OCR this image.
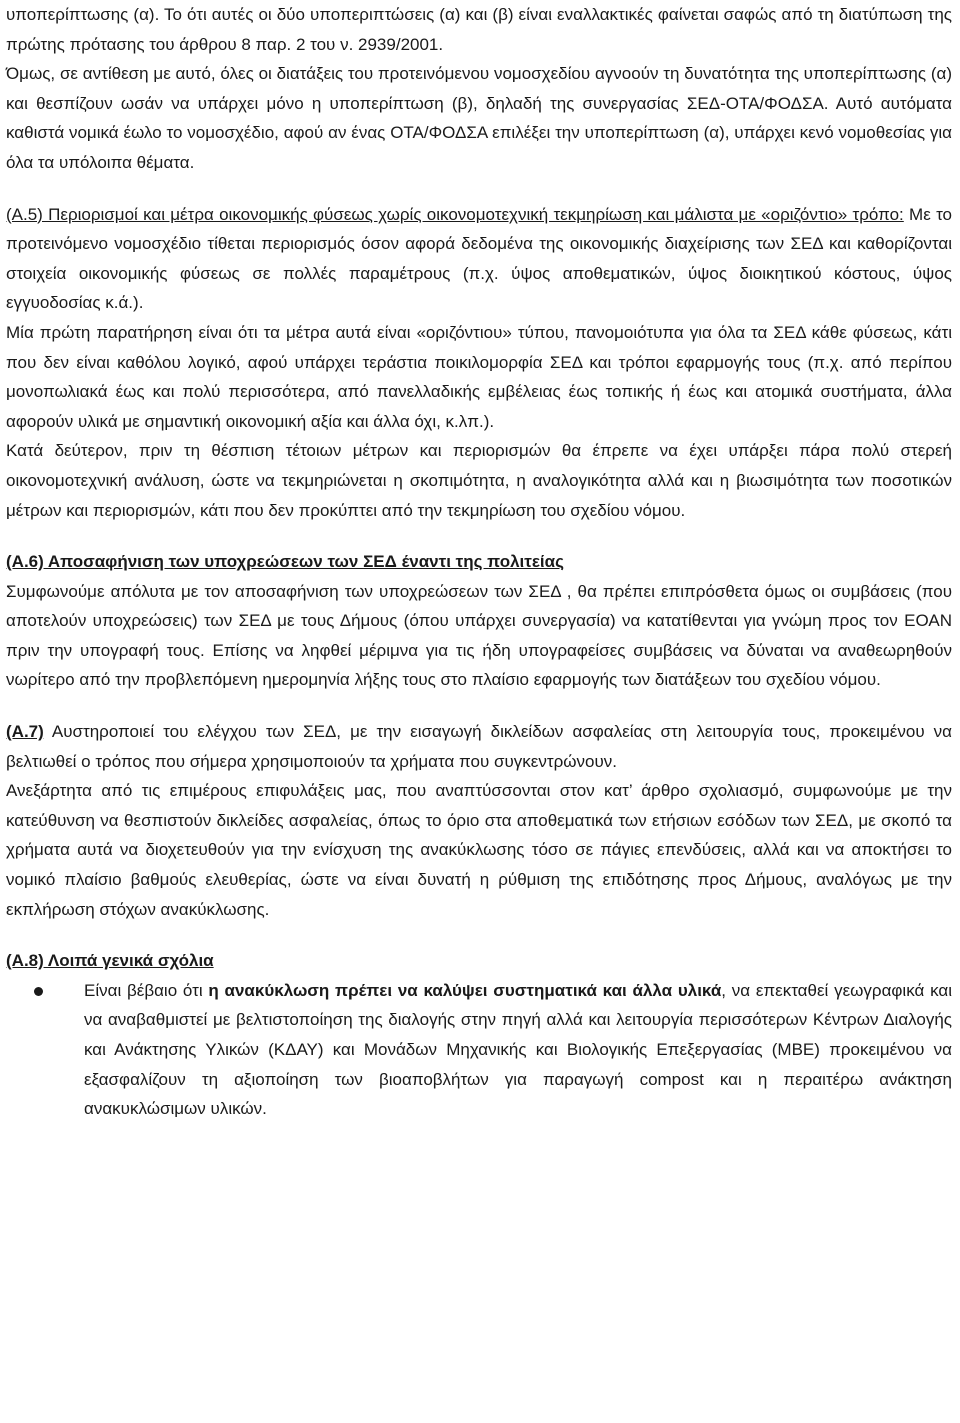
υποπερίπτωσης (α). Το ότι αυτές οι δύο υποπεριπτώσεις (α) και (β) είναι εναλλακτικές φαίνεται σαφώς από τη διατύπωση της πρώτης πρότασης του άρθρου 8 παρ. 2 του ν. 2939/2001.

Όμως, σε αντίθεση με αυτό, όλες οι διατάξεις του προτεινόμενου νομοσχεδίου αγνοούν τη δυνατότητα της υποπερίπτωσης (α) και θεσπίζουν ωσάν να υπάρχει μόνο η υποπερίπτωση (β), δηλαδή της συνεργασίας ΣΕΔ-ΟΤΑ/ΦΟΔΣΑ. Αυτό αυτόματα καθιστά νομικά έωλο το νομοσχέδιο, αφού αν ένας ΟΤΑ/ΦΟΔΣΑ επιλέξει την υποπερίπτωση (α), υπάρχει κενό νομοθεσίας για όλα τα υπόλοιπα θέματα.

(Α.5) Περιορισμοί και μέτρα οικονομικής φύσεως χωρίς οικονομοτεχνική τεκμηρίωση και μάλιστα με «οριζόντιο» τρόπο: Με το προτεινόμενο νομοσχέδιο τίθεται περιορισμός όσον αφορά δεδομένα της οικονομικής διαχείρισης των ΣΕΔ και καθορίζονται στοιχεία οικονομικής φύσεως σε πολλές παραμέτρους (π.χ. ύψος αποθεματικών, ύψος διοικητικού κόστους, ύψος εγγυοδοσίας κ.ά.).

Μία πρώτη παρατήρηση είναι ότι τα μέτρα αυτά είναι «οριζόντιου» τύπου, πανομοιότυπα για όλα τα ΣΕΔ κάθε φύσεως, κάτι που δεν είναι καθόλου λογικό, αφού υπάρχει τεράστια ποικιλομορφία ΣΕΔ και τρόποι εφαρμογής τους (π.χ. από περίπου μονοπωλιακά έως και πολύ περισσότερα, από πανελλαδικής εμβέλειας έως τοπικής ή έως και ατομικά συστήματα, άλλα αφορούν υλικά με σημαντική οικονομική αξία και άλλα όχι, κ.λπ.).

Κατά δεύτερον, πριν τη θέσπιση τέτοιων μέτρων και περιορισμών θα έπρεπε να έχει υπάρξει πάρα πολύ στερεή οικονομοτεχνική ανάλυση, ώστε να τεκμηριώνεται η σκοπιμότητα, η αναλογικότητα αλλά και η βιωσιμότητα των ποσοτικών μέτρων και περιορισμών, κάτι που δεν προκύπτει από την τεκμηρίωση του σχεδίου νόμου.

(Α.6) Αποσαφήνιση των υποχρεώσεων των ΣΕΔ έναντι της πολιτείας

Συμφωνούμε απόλυτα με τον αποσαφήνιση των υποχρεώσεων των ΣΕΔ , θα πρέπει επιπρόσθετα όμως οι συμβάσεις (που αποτελούν υποχρεώσεις) των ΣΕΔ με τους Δήμους (όπου υπάρχει συνεργασία) να κατατίθενται για γνώμη προς τον ΕΟΑΝ πριν την υπογραφή τους. Επίσης να ληφθεί μέριμνα για τις ήδη υπογραφείσες συμβάσεις να δύναται να αναθεωρηθούν νωρίτερο από την προβλεπόμενη ημερομηνία λήξης τους στο πλαίσιο εφαρμογής των διατάξεων του σχεδίου νόμου.

(Α.7) Αυστηροποιεί του ελέγχου των ΣΕΔ, με την εισαγωγή δικλείδων ασφαλείας στη λειτουργία τους, προκειμένου να βελτιωθεί ο τρόπος που σήμερα χρησιμοποιούν τα χρήματα που συγκεντρώνουν.

Ανεξάρτητα από τις επιμέρους επιφυλάξεις μας, που αναπτύσσονται στον κατ’ άρθρο σχολιασμό, συμφωνούμε με την κατεύθυνση να θεσπιστούν δικλείδες ασφαλείας, όπως το όριο στα αποθεματικά των ετήσιων εσόδων των ΣΕΔ, με σκοπό τα χρήματα αυτά να διοχετευθούν για την ενίσχυση της ανακύκλωσης τόσο σε πάγιες επενδύσεις, αλλά και να αποκτήσει το νομικό πλαίσιο βαθμούς ελευθερίας, ώστε να είναι δυνατή η ρύθμιση της επιδότησης προς Δήμους, αναλόγως με την εκπλήρωση στόχων ανακύκλωσης.

(Α.8) Λοιπά γενικά σχόλια

Είναι βέβαιο ότι η ανακύκλωση πρέπει να καλύψει συστηματικά και άλλα υλικά, να επεκταθεί γεωγραφικά και να αναβαθμιστεί με βελτιστοποίηση της διαλογής στην πηγή αλλά και λειτουργία περισσότερων Κέντρων Διαλογής και Ανάκτησης Υλικών (ΚΔΑΥ) και Μονάδων Μηχανικής και Βιολογικής Επεξεργασίας (ΜΒΕ) προκειμένου να εξασφαλίζουν τη αξιοποίηση των βιοαποβλήτων για παραγωγή compost και η περαιτέρω ανάκτηση ανακυκλώσιμων υλικών.
